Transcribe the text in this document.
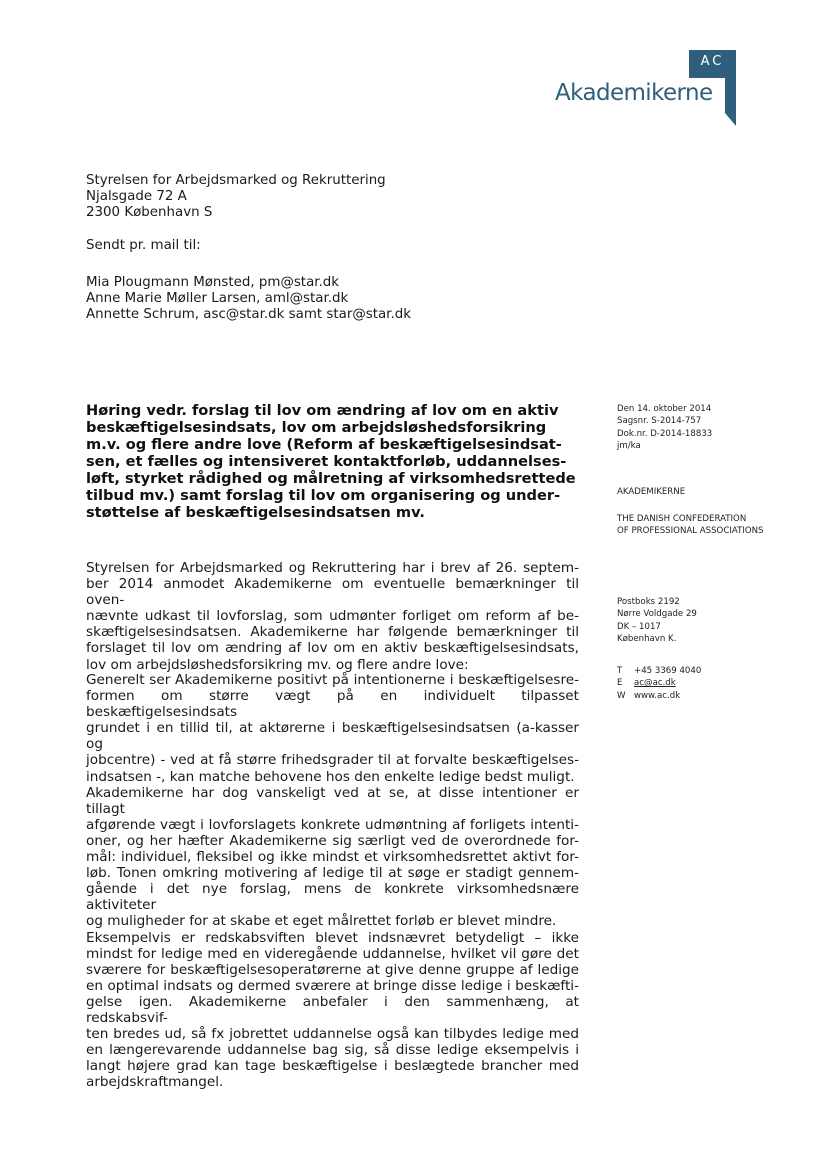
AC
Akademikerne
Styrelsen for Arbejdsmarked og Rekruttering
Njalsgade 72 A
2300 København S
Sendt pr. mail til:
Mia Plougmann Mønsted, pm@star.dk
Anne Marie Møller Larsen, aml@star.dk
Annette Schrum, asc@star.dk samt star@star.dk
Høring vedr. forslag til lov om ændring af lov om en aktiv
beskæftigelsesindsats, lov om arbejdsløshedsforsikring
m.v. og flere andre love (Reform af beskæftigelsesindsat-
sen, et fælles og intensiveret kontaktforløb, uddannelses-
løft, styrket rådighed og målretning af virksomhedsrettede
tilbud mv.) samt forslag til lov om organisering og under-
støttelse af beskæftigelsesindsatsen mv.
Den 14. oktober 2014
Sagsnr. S-2014-757
Dok.nr. D-2014-18833
jm/ka
AKADEMIKERNE
THE DANISH CONFEDERATION
OF PROFESSIONAL ASSOCIATIONS
Postboks 2192
Nørre Voldgade 29
DK – 1017
København K.
T +45 3369 4040
E ac@ac.dk
W www.ac.dk
Styrelsen for Arbejdsmarked og Rekruttering har i brev af 26. septem-
ber 2014 anmodet Akademikerne om eventuelle bemærkninger til oven-
nævnte udkast til lovforslag, som udmønter forliget om reform af be-
skæftigelsesindsatsen. Akademikerne har følgende bemærkninger til
forslaget til lov om ændring af lov om en aktiv beskæftigelsesindsats,
lov om arbejdsløshedsforsikring mv. og flere andre love:
Generelt ser Akademikerne positivt på intentionerne i beskæftigelsesre-
formen om større vægt på en individuelt tilpasset beskæftigelsesindsats
grundet i en tillid til, at aktørerne i beskæftigelsesindsatsen (a-kasser og
jobcentre) - ved at få større frihedsgrader til at forvalte beskæftigelses-
indsatsen -, kan matche behovene hos den enkelte ledige bedst muligt.
Akademikerne har dog vanskeligt ved at se, at disse intentioner er tillagt
afgørende vægt i lovforslagets konkrete udmøntning af forligets intenti-
oner, og her hæfter Akademikerne sig særligt ved de overordnede for-
mål: individuel, fleksibel og ikke mindst et virksomhedsrettet aktivt for-
løb. Tonen omkring motivering af ledige til at søge er stadigt gennem-
gående i det nye forslag, mens de konkrete virksomhedsnære aktiviteter
og muligheder for at skabe et eget målrettet forløb er blevet mindre.
Eksempelvis er redskabsviften blevet indsnævret betydeligt – ikke
mindst for ledige med en videregående uddannelse, hvilket vil gøre det
sværere for beskæftigelsesoperatørerne at give denne gruppe af ledige
en optimal indsats og dermed sværere at bringe disse ledige i beskæfti-
gelse igen. Akademikerne anbefaler i den sammenhæng, at redskabsvif-
ten bredes ud, så fx jobrettet uddannelse også kan tilbydes ledige med
en længerevarende uddannelse bag sig, så disse ledige eksempelvis i
langt højere grad kan tage beskæftigelse i beslægtede brancher med
arbejdskraftmangel.
